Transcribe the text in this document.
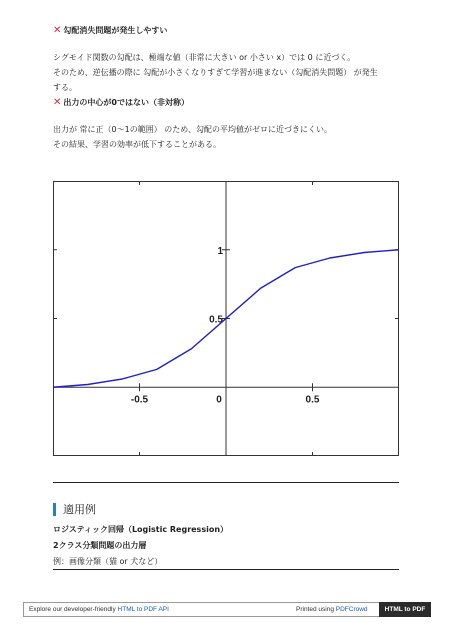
✕ 勾配消失問題が発生しやすい
シグモイド関数の勾配は、極端な値（非常に大きい or 小さい x）では 0 に近づく。
そのため、逆伝播の際に 勾配が小さくなりすぎて学習が進まない（勾配消失問題） が発生
する。
✕ 出力の中心が0ではない（非対称）
出力が 常に正（0〜1の範囲） のため、勾配の平均値がゼロに近づきにくい。
その結果、学習の効率が低下することがある。
-0.5	0	0.5
0.5
1
適用例
ロジスティック回帰（Logistic Regression）
2クラス分類問題の出力層
例：画像分類（猫 or 犬など）
Explore our developer-friendly HTML to PDF API	Printed using PDFCrowd	HTML to PDF
